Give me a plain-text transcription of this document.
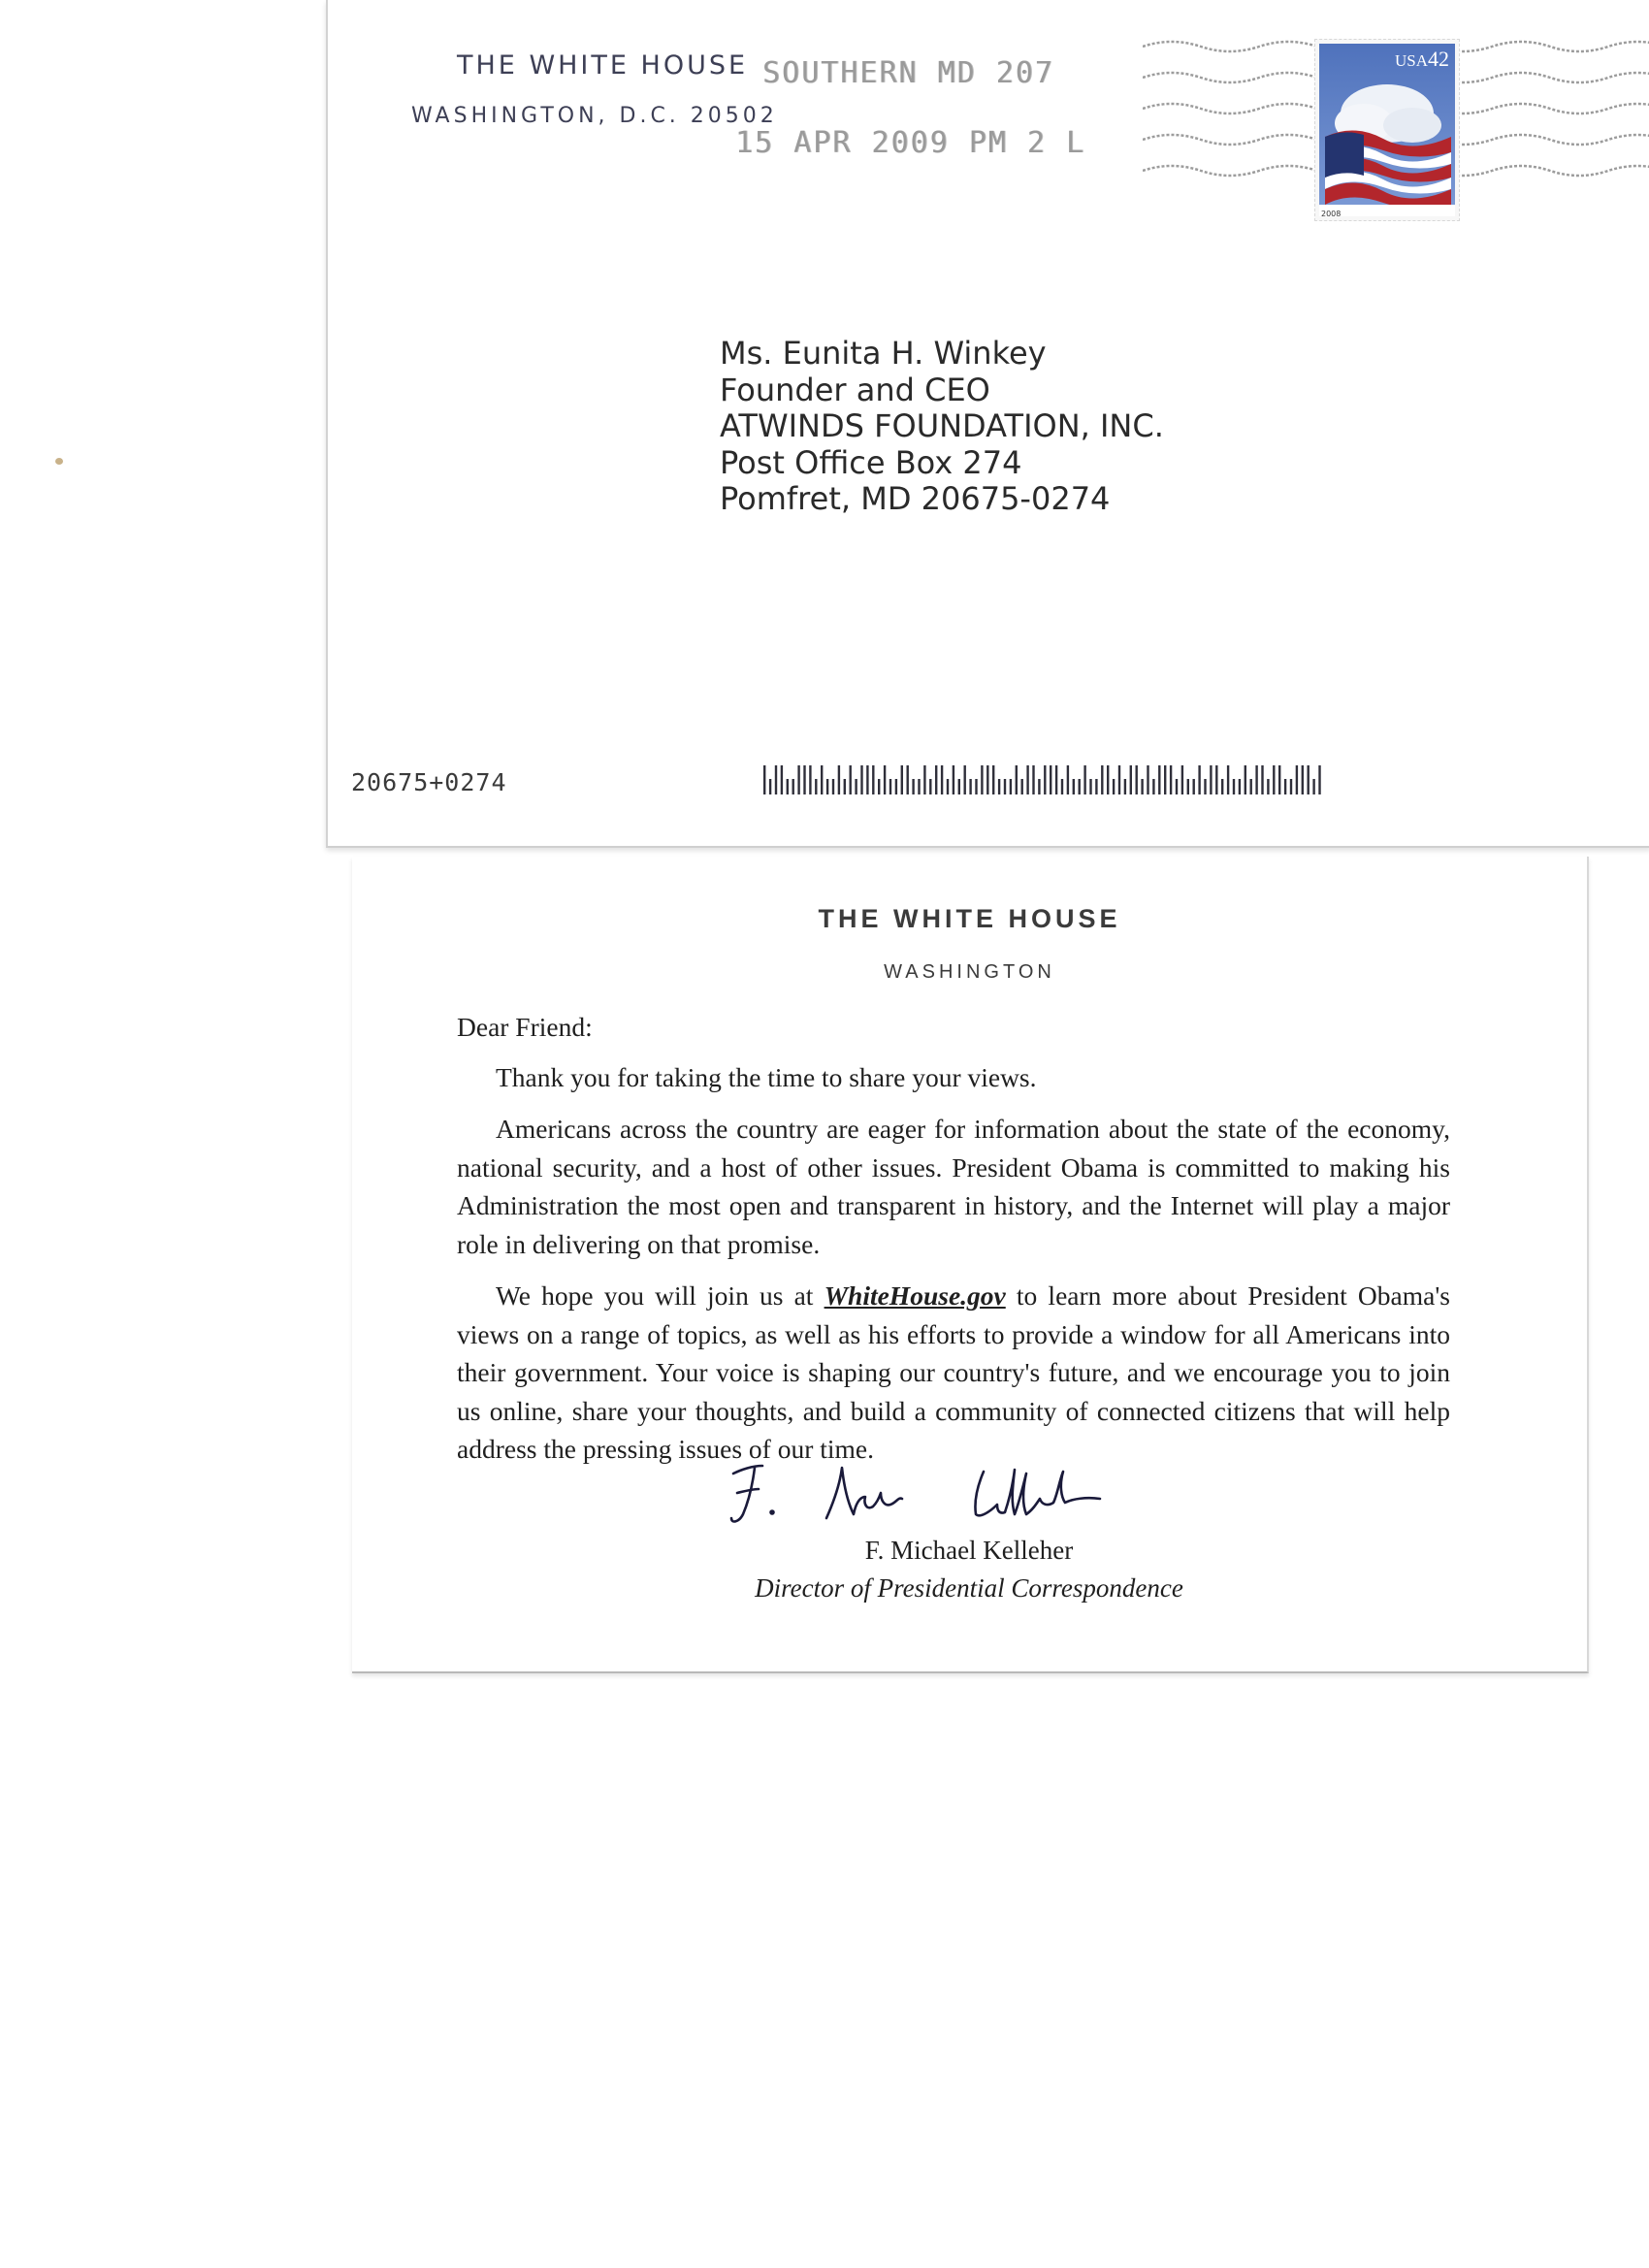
THE WHITE HOUSE
WASHINGTON, D.C. 20502
SOUTHERN MD 207
15 APR 2009 PM 2 L
USA42
2008
Ms. Eunita H. Winkey
Founder and CEO
ATWINDS FOUNDATION, INC.
Post Office Box 274
Pomfret, MD 20675-0274
20675+0274
THE WHITE HOUSE
WASHINGTON

Dear Friend:

Thank you for taking the time to share your views.

Americans across the country are eager for information about the state of the economy, national security, and a host of other issues. President Obama is committed to making his Administration the most open and transparent in history, and the Internet will play a major role in delivering on that promise.

We hope you will join us at WhiteHouse.gov to learn more about President Obama's views on a range of topics, as well as his efforts to provide a window for all Americans into their government. Your voice is shaping our country's future, and we encourage you to join us online, share your thoughts, and build a community of connected citizens that will help address the pressing issues of our time.

F. Michael Kelleher
Director of Presidential Correspondence
